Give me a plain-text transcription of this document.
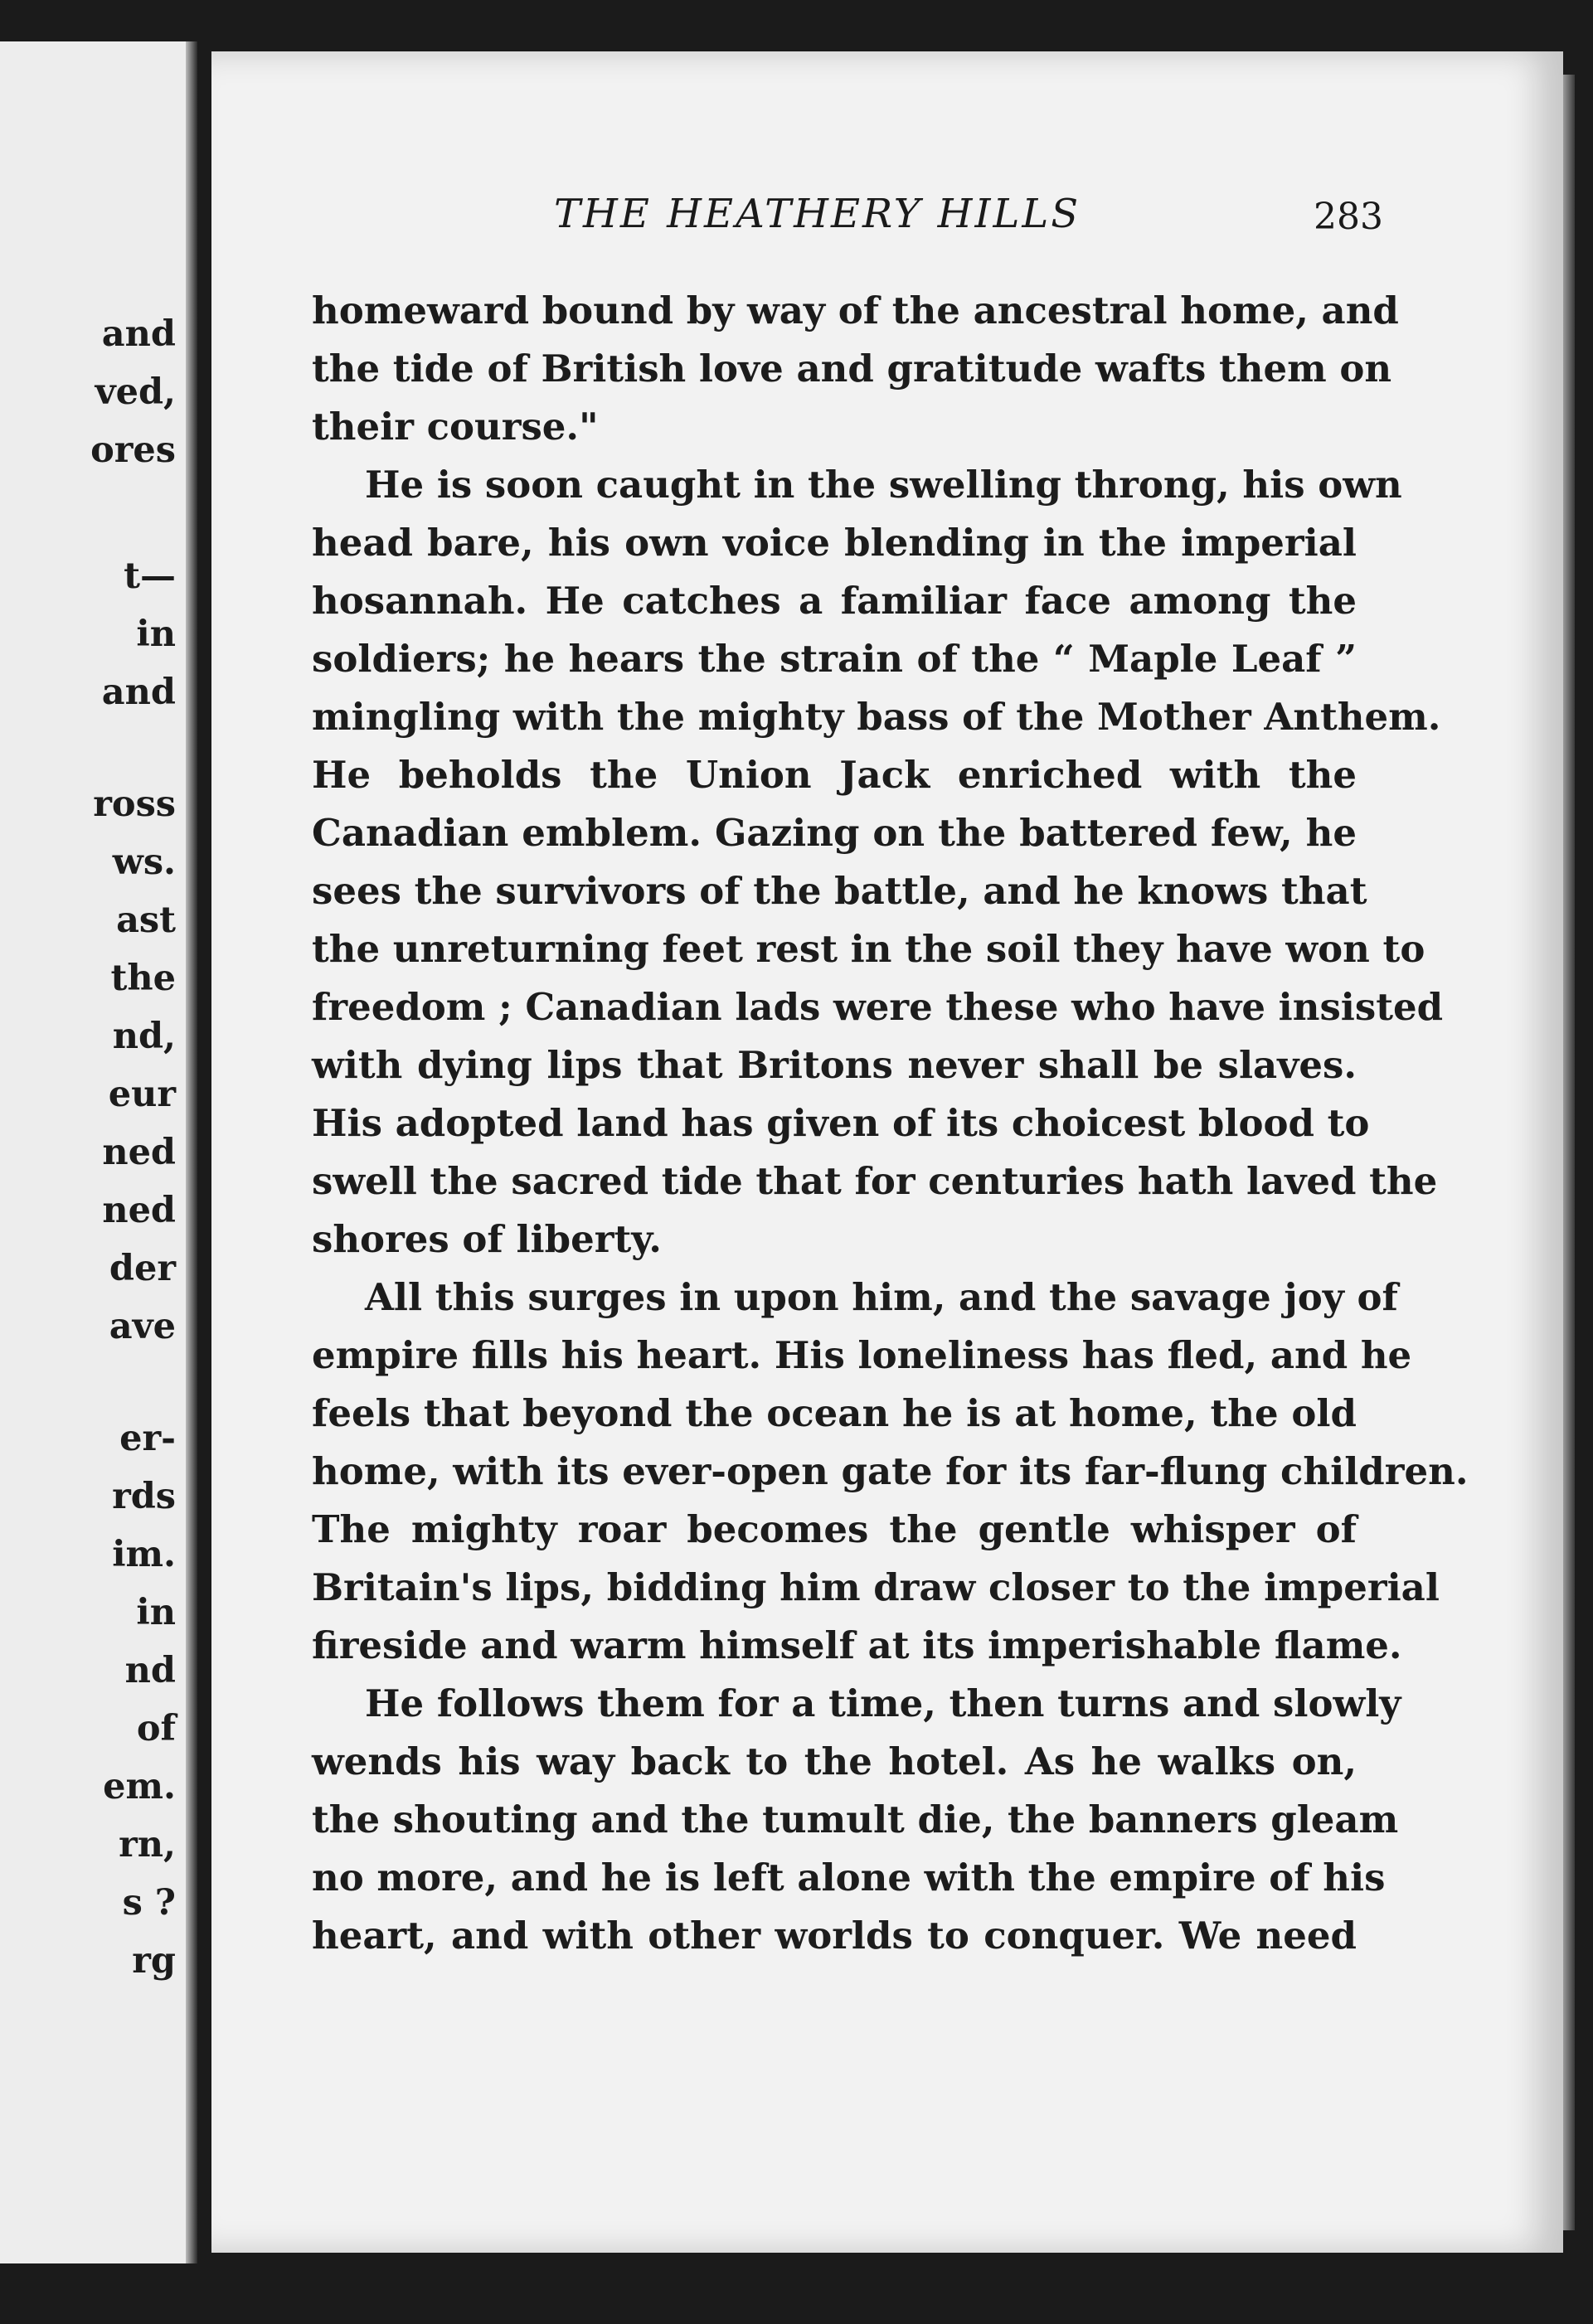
and
ved,
ores
t—
in
and
ross
ws.
ast
the
nd,
eur
ned
ned
der
ave
er-
rds
im.
in
nd
of
em.
rn,
s ?
rg
THE HEATHERY HILLS	283
homeward bound by way of the ancestral home, and
the tide of British love and gratitude wafts them on
their course."
He is soon caught in the swelling throng, his own
head bare, his own voice blending in the imperial
hosannah. He catches a familiar face among the
soldiers; he hears the strain of the “ Maple Leaf ”
mingling with the mighty bass of the Mother Anthem.
He beholds the Union Jack enriched with the
Canadian emblem. Gazing on the battered few, he
sees the survivors of the battle, and he knows that
the unreturning feet rest in the soil they have won to
freedom ; Canadian lads were these who have insisted
with dying lips that Britons never shall be slaves.
His adopted land has given of its choicest blood to
swell the sacred tide that for centuries hath laved the
shores of liberty.
All this surges in upon him, and the savage joy of
empire fills his heart. His loneliness has fled, and he
feels that beyond the ocean he is at home, the old
home, with its ever-open gate for its far-flung children.
The mighty roar becomes the gentle whisper of
Britain's lips, bidding him draw closer to the imperial
fireside and warm himself at its imperishable flame.
He follows them for a time, then turns and slowly
wends his way back to the hotel. As he walks on,
the shouting and the tumult die, the banners gleam
no more, and he is left alone with the empire of his
heart, and with other worlds to conquer. We need
